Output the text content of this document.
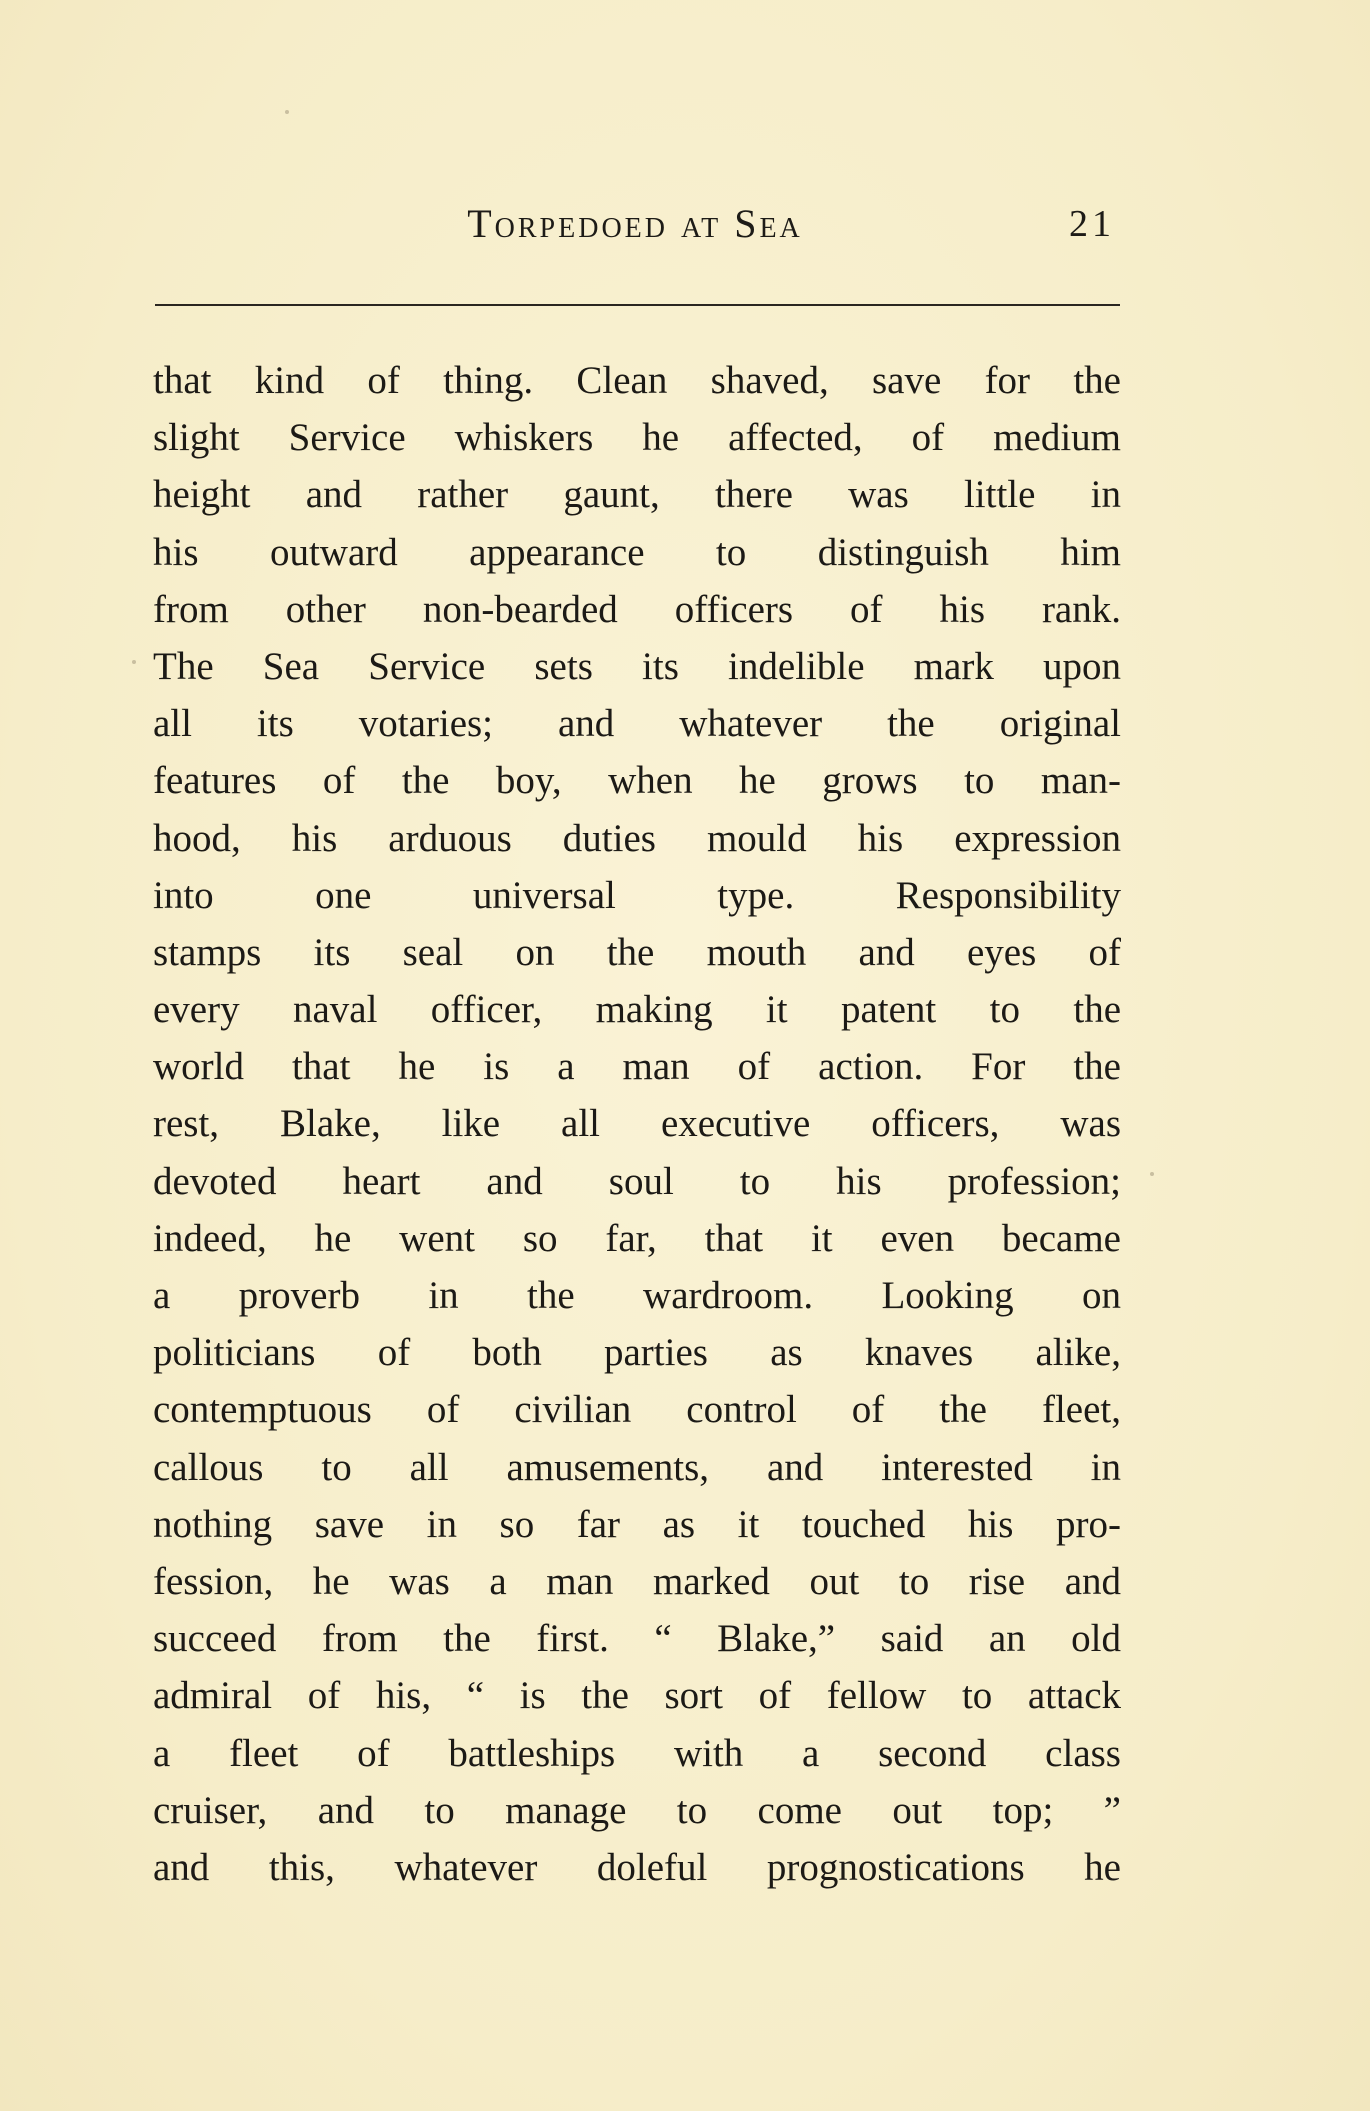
Torpedoed at Sea	21
that kind of thing. Clean shaved, save for the
slight Service whiskers he affected, of medium
height and rather gaunt, there was little in
his outward appearance to distinguish him
from other non-bearded officers of his rank.
The Sea Service sets its indelible mark upon
all its votaries; and whatever the original
features of the boy, when he grows to man-
hood, his arduous duties mould his expression
into one universal type. Responsibility
stamps its seal on the mouth and eyes of
every naval officer, making it patent to the
world that he is a man of action. For the
rest, Blake, like all executive officers, was
devoted heart and soul to his profession;
indeed, he went so far, that it even became
a proverb in the wardroom. Looking on
politicians of both parties as knaves alike,
contemptuous of civilian control of the fleet,
callous to all amusements, and interested in
nothing save in so far as it touched his pro-
fession, he was a man marked out to rise and
succeed from the first. “ Blake,” said an old
admiral of his, “ is the sort of fellow to attack
a fleet of battleships with a second class
cruiser, and to manage to come out top; ”
and this, whatever doleful prognostications he
